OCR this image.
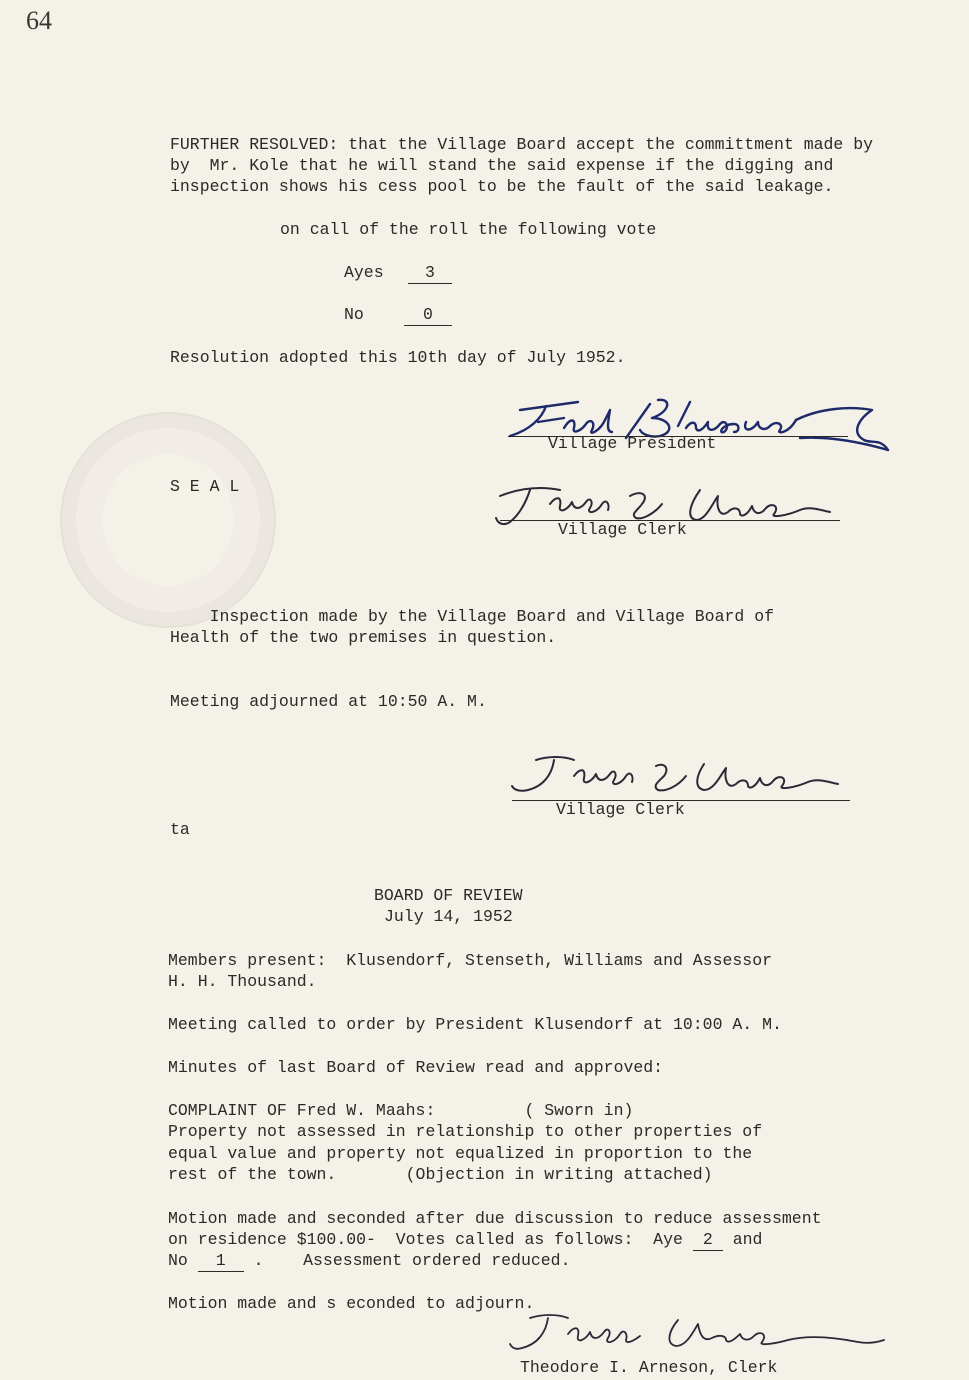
64
FURTHER RESOLVED: that the Village Board accept the committment made by
by  Mr. Kole that he will stand the said expense if the digging and
inspection shows his cess pool to be the fault of the said leakage.
on call of the roll the following vote
Ayes	3
No	0
Resolution adopted this 10th day of July 1952.
Village President
S E A L
Village Clerk
Inspection made by the Village Board and Village Board of
Health of the two premises in question.
Meeting adjourned at 10:50 A. M.
Village Clerk
ta
BOARD OF REVIEW
July 14, 1952
Members present:  Klusendorf, Stenseth, Williams and Assessor
H. H. Thousand.
Meeting called to order by President Klusendorf at 10:00 A. M.
Minutes of last Board of Review read and approved:
COMPLAINT OF Fred W. Maahs:         ( Sworn in)
Property not assessed in relationship to other properties of
equal value and property not equalized in proportion to the
rest of the town.       (Objection in writing attached)
Motion made and seconded after due discussion to reduce assessment
on residence $100.00-  Votes called as follows:  Aye 2 and
No 1 .    Assessment ordered reduced.
Motion made and s econded to adjourn.
Theodore I. Arneson, Clerk
